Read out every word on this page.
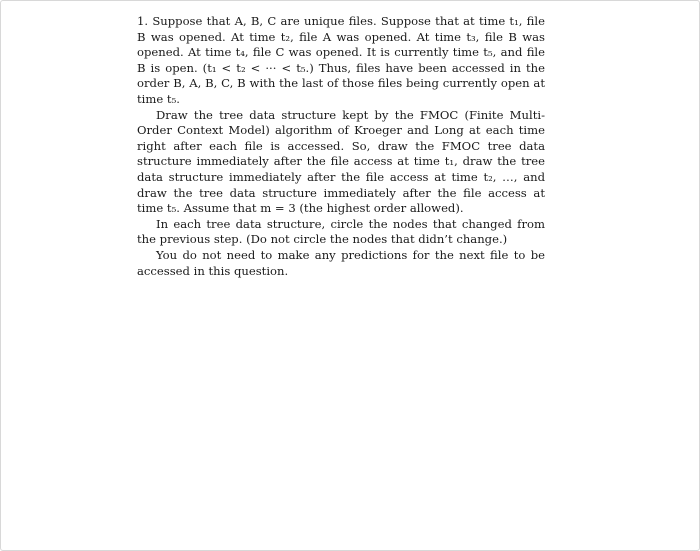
1. Suppose that A, B, C are unique files. Suppose that at time t₁, file B was opened. At time t₂, file A was opened. At time t₃, file B was opened. At time t₄, file C was opened. It is currently time t₅, and file B is open. (t₁ < t₂ < ··· < t₅.) Thus, files have been accessed in the order B, A, B, C, B with the last of those files being currently open at time t₅.

Draw the tree data structure kept by the FMOC (Finite Multi-Order Context Model) algorithm of Kroeger and Long at each time right after each file is accessed. So, draw the FMOC tree data structure immediately after the file access at time t₁, draw the tree data structure immediately after the file access at time t₂, …, and draw the tree data structure immediately after the file access at time t₅. Assume that m = 3 (the highest order allowed).

In each tree data structure, circle the nodes that changed from the previous step. (Do not circle the nodes that didn’t change.)

You do not need to make any predictions for the next file to be accessed in this question.
